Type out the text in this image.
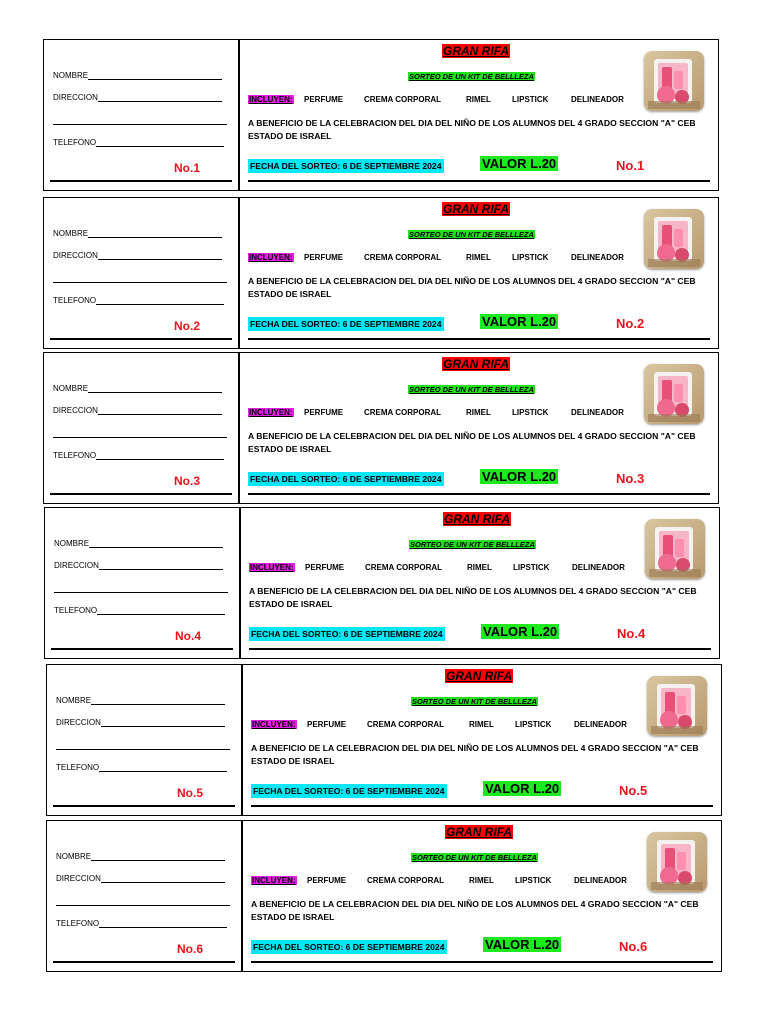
NOMBRE
DIRECCION
TELEFONO
No.1
GRAN RIFA
SORTEO DE UN KIT DE BELLLEZA
INCLUYEN: PERFUME	CREMA CORPORAL	RIMEL	LIPSTICK	DELINEADOR
A BENEFICIO DE LA CELEBRACION DEL DIA DEL NIÑO DE LOS ALUMNOS DEL 4 GRADO SECCION "A" CEB ESTADO DE ISRAEL
FECHA DEL SORTEO: 6 DE SEPTIEMBRE 2024	VALOR L.20	No.1
NOMBRE
DIRECCION
TELEFONO
No.2
GRAN RIFA
SORTEO DE UN KIT DE BELLLEZA
INCLUYEN: PERFUME	CREMA CORPORAL	RIMEL	LIPSTICK	DELINEADOR
A BENEFICIO DE LA CELEBRACION DEL DIA DEL NIÑO DE LOS ALUMNOS DEL 4 GRADO SECCION "A" CEB ESTADO DE ISRAEL
FECHA DEL SORTEO: 6 DE SEPTIEMBRE 2024	VALOR L.20	No.2
NOMBRE
DIRECCION
TELEFONO
No.3
GRAN RIFA
SORTEO DE UN KIT DE BELLLEZA
INCLUYEN: PERFUME	CREMA CORPORAL	RIMEL	LIPSTICK	DELINEADOR
A BENEFICIO DE LA CELEBRACION DEL DIA DEL NIÑO DE LOS ALUMNOS DEL 4 GRADO SECCION "A" CEB ESTADO DE ISRAEL
FECHA DEL SORTEO: 6 DE SEPTIEMBRE 2024	VALOR L.20	No.3
NOMBRE
DIRECCION
TELEFONO
No.4
GRAN RIFA
SORTEO DE UN KIT DE BELLLEZA
INCLUYEN: PERFUME	CREMA CORPORAL	RIMEL	LIPSTICK	DELINEADOR
A BENEFICIO DE LA CELEBRACION DEL DIA DEL NIÑO DE LOS ALUMNOS DEL 4 GRADO SECCION "A" CEB ESTADO DE ISRAEL
FECHA DEL SORTEO: 6 DE SEPTIEMBRE 2024	VALOR L.20	No.4
NOMBRE
DIRECCION
TELEFONO
No.5
GRAN RIFA
SORTEO DE UN KIT DE BELLLEZA
INCLUYEN: PERFUME	CREMA CORPORAL	RIMEL	LIPSTICK	DELINEADOR
A BENEFICIO DE LA CELEBRACION DEL DIA DEL NIÑO DE LOS ALUMNOS DEL 4 GRADO SECCION "A" CEB ESTADO DE ISRAEL
FECHA DEL SORTEO: 6 DE SEPTIEMBRE 2024	VALOR L.20	No.5
NOMBRE
DIRECCION
TELEFONO
No.6
GRAN RIFA
SORTEO DE UN KIT DE BELLLEZA
INCLUYEN: PERFUME	CREMA CORPORAL	RIMEL	LIPSTICK	DELINEADOR
A BENEFICIO DE LA CELEBRACION DEL DIA DEL NIÑO DE LOS ALUMNOS DEL 4 GRADO SECCION "A" CEB ESTADO DE ISRAEL
FECHA DEL SORTEO: 6 DE SEPTIEMBRE 2024	VALOR L.20	No.6
